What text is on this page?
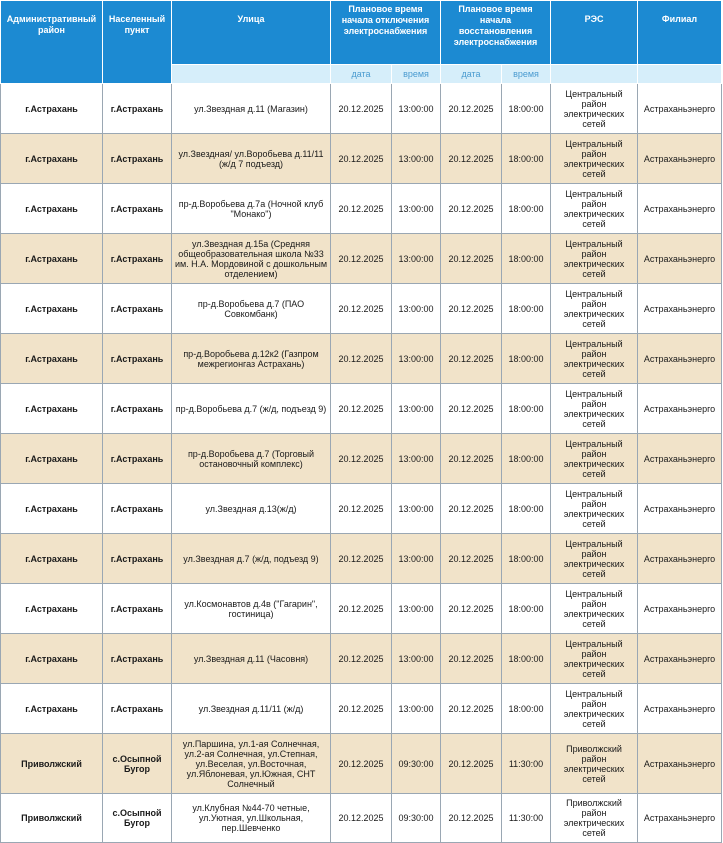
Административный район	Населенный пункт	Улица	Плановое время начала отключения электроснабжения		Плановое время начала восстановления электроснабжения		РЭС	Филиал
			дата	время	дата	время		
г.Астрахань	г.Астрахань	ул.Звездная д.11 (Магазин)	20.12.2025	13:00:00	20.12.2025	18:00:00	Центральный район электрических сетей	Астраханьэнерго
г.Астрахань	г.Астрахань	ул.Звездная/ ул.Воробьева д.11/11 (ж/д 7 подъезд)	20.12.2025	13:00:00	20.12.2025	18:00:00	Центральный район электрических сетей	Астраханьэнерго
г.Астрахань	г.Астрахань	пр-д.Воробьева д.7а (Ночной клуб "Монако")	20.12.2025	13:00:00	20.12.2025	18:00:00	Центральный район электрических сетей	Астраханьэнерго
г.Астрахань	г.Астрахань	ул.Звездная д.15а (Средняя общеобразовательная школа №33 им. Н.А. Мордовиной с дошкольным отделением)	20.12.2025	13:00:00	20.12.2025	18:00:00	Центральный район электрических сетей	Астраханьэнерго
г.Астрахань	г.Астрахань	пр-д.Воробьева д.7 (ПАО Совкомбанк)	20.12.2025	13:00:00	20.12.2025	18:00:00	Центральный район электрических сетей	Астраханьэнерго
г.Астрахань	г.Астрахань	пр-д.Воробьева д.12к2 (Газпром межрегионгаз Астрахань)	20.12.2025	13:00:00	20.12.2025	18:00:00	Центральный район электрических сетей	Астраханьэнерго
г.Астрахань	г.Астрахань	пр-д.Воробьева д.7 (ж/д, подъезд 9)	20.12.2025	13:00:00	20.12.2025	18:00:00	Центральный район электрических сетей	Астраханьэнерго
г.Астрахань	г.Астрахань	пр-д.Воробьева д.7 (Торговый остановочный комплекс)	20.12.2025	13:00:00	20.12.2025	18:00:00	Центральный район электрических сетей	Астраханьэнерго
г.Астрахань	г.Астрахань	ул.Звездная д.13(ж/д)	20.12.2025	13:00:00	20.12.2025	18:00:00	Центральный район электрических сетей	Астраханьэнерго
г.Астрахань	г.Астрахань	ул.Звездная д.7 (ж/д, подъезд 9)	20.12.2025	13:00:00	20.12.2025	18:00:00	Центральный район электрических сетей	Астраханьэнерго
г.Астрахань	г.Астрахань	ул.Космонавтов д.4в ("Гагарин", гостиница)	20.12.2025	13:00:00	20.12.2025	18:00:00	Центральный район электрических сетей	Астраханьэнерго
г.Астрахань	г.Астрахань	ул.Звездная д.11 (Часовня)	20.12.2025	13:00:00	20.12.2025	18:00:00	Центральный район электрических сетей	Астраханьэнерго
г.Астрахань	г.Астрахань	ул.Звездная д.11/11 (ж/д)	20.12.2025	13:00:00	20.12.2025	18:00:00	Центральный район электрических сетей	Астраханьэнерго
Приволжский	с.Осыпной Бугор	ул.Паршина, ул.1-ая Солнечная, ул.2-ая Солнечная, ул.Степная, ул.Веселая, ул.Восточная, ул.Яблоневая, ул.Южная, СНТ Солнечный	20.12.2025	09:30:00	20.12.2025	11:30:00	Приволжский район электрических сетей	Астраханьэнерго
Приволжский	с.Осыпной Бугор	ул.Клубная №44-70 четные, ул.Уютная, ул.Школьная, пер.Шевченко	20.12.2025	09:30:00	20.12.2025	11:30:00	Приволжский район электрических сетей	Астраханьэнерго
